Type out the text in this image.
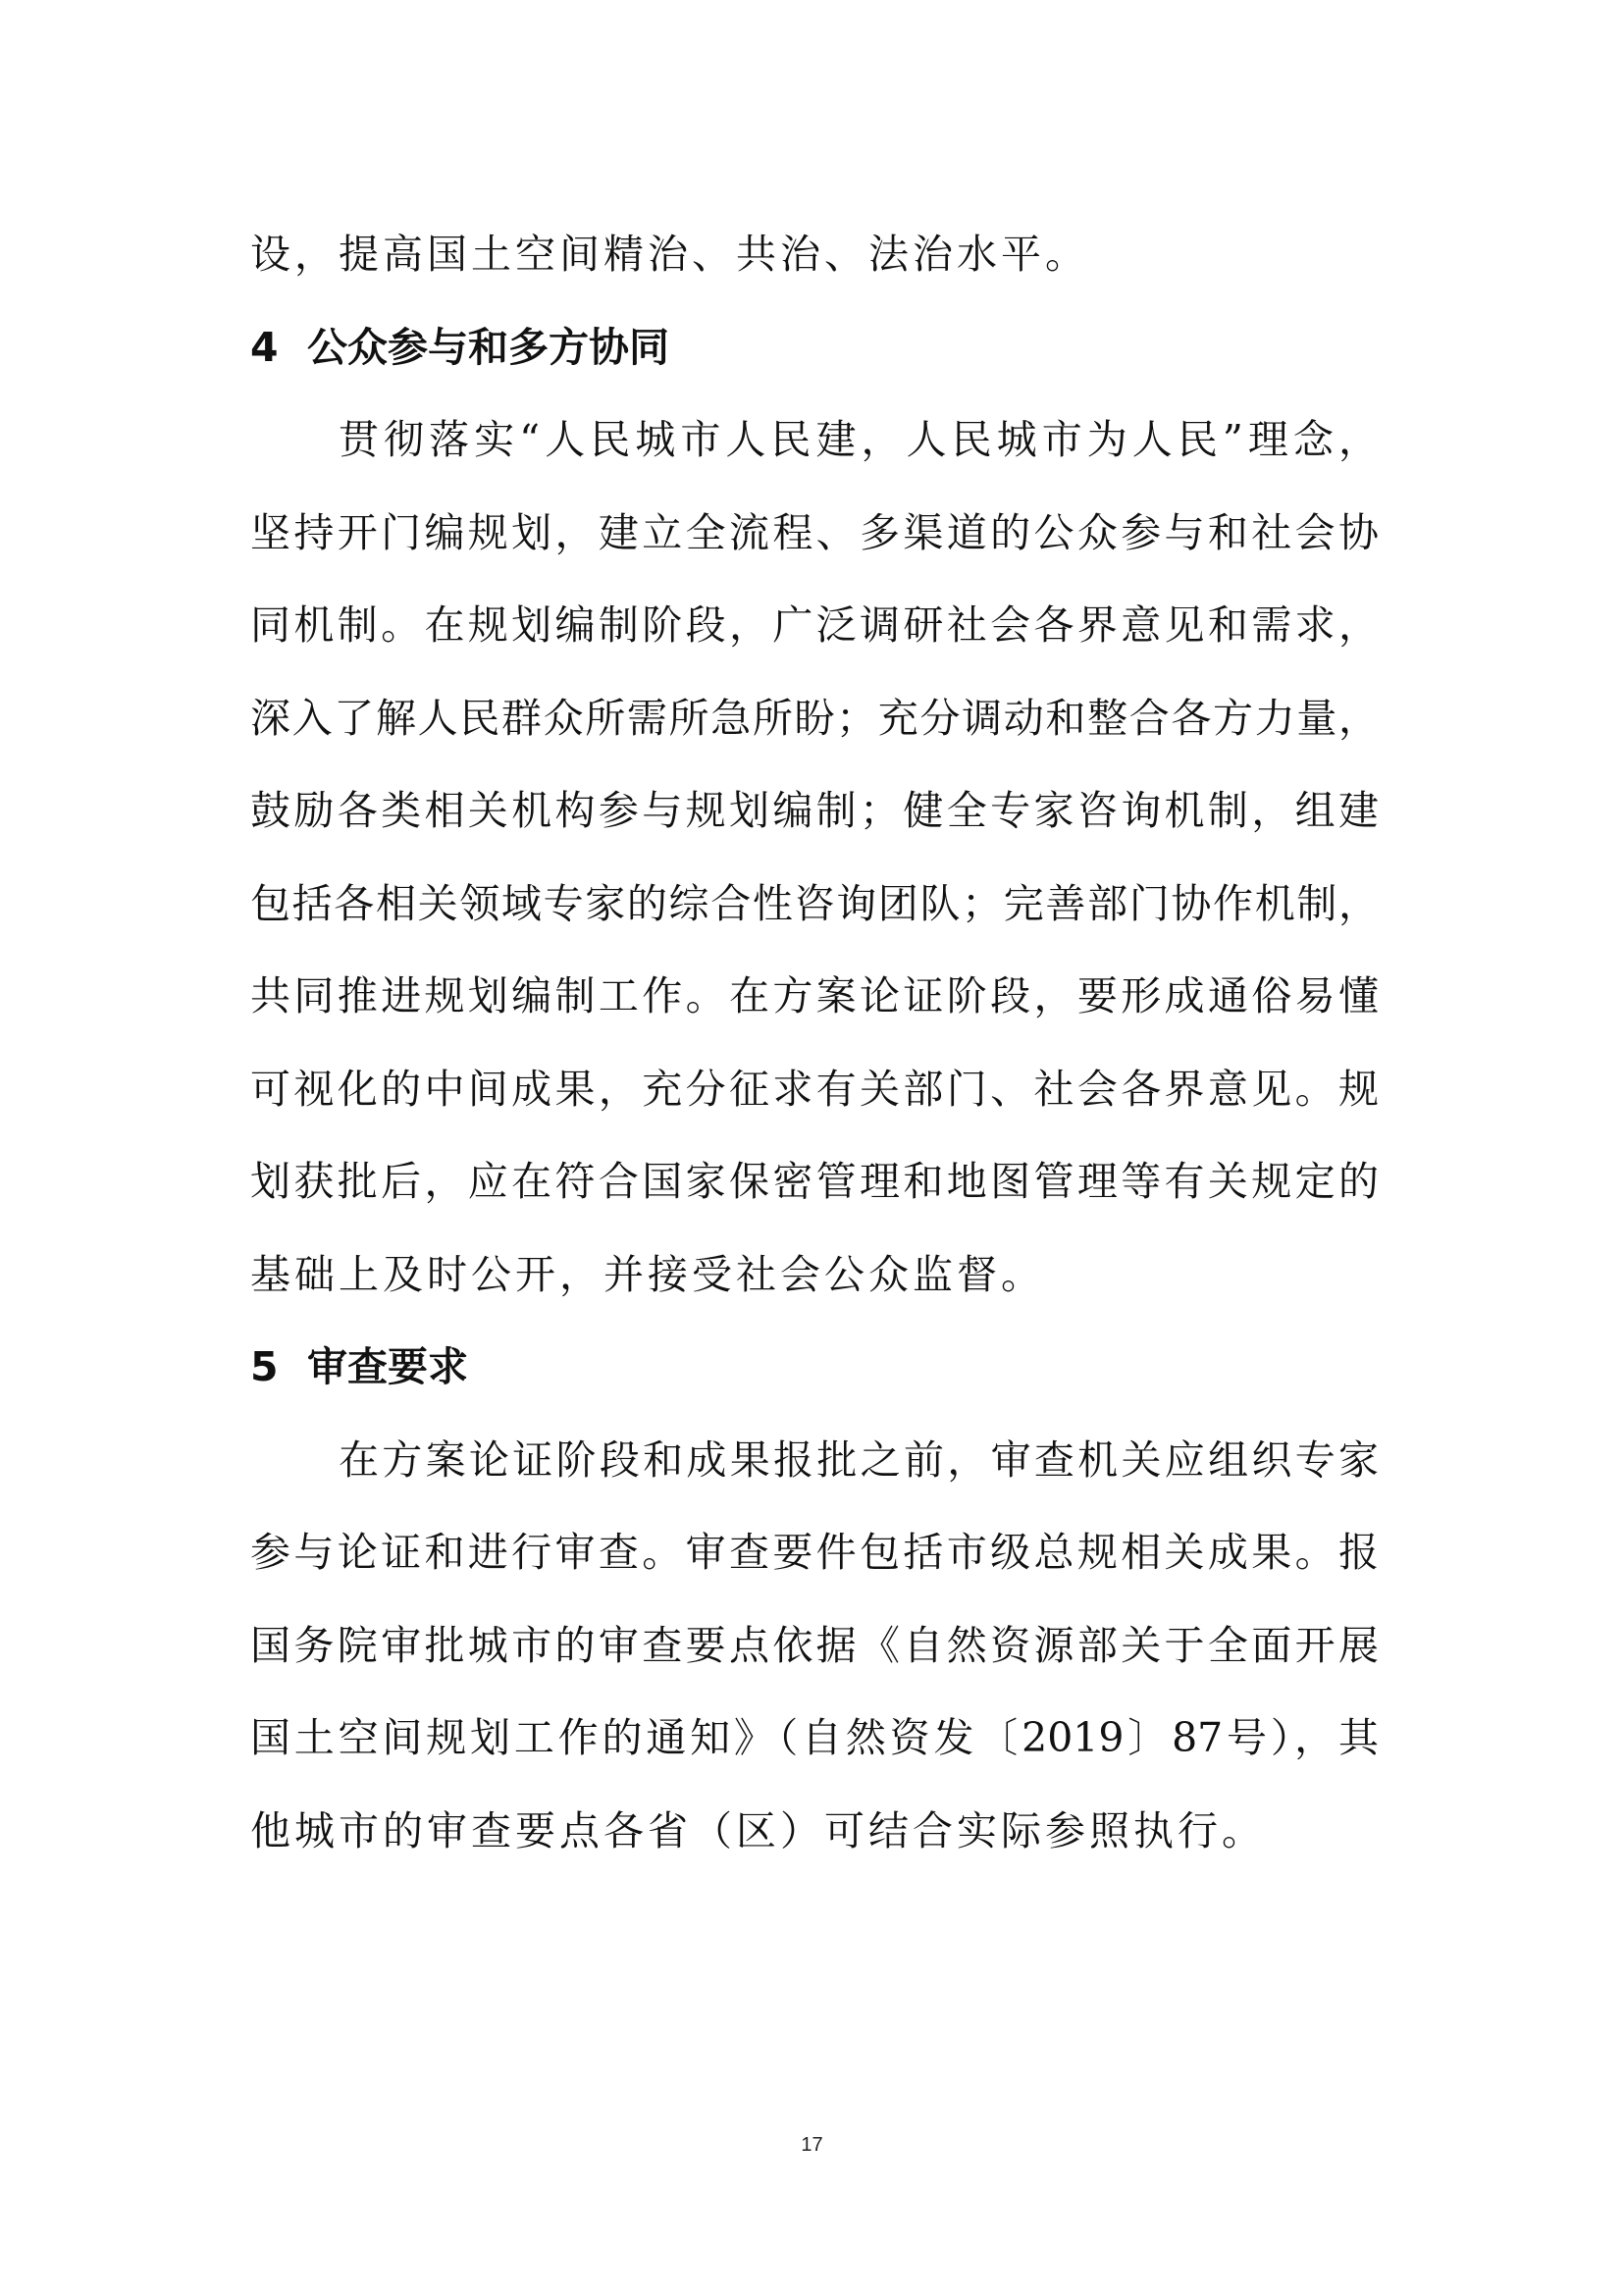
设，提高国土空间精治、共治、法治水平。
4 公众参与和多方协同
贯彻落实“人民城市人民建，人民城市为人民”理念，
坚持开门编规划，建立全流程、多渠道的公众参与和社会协
同机制。在规划编制阶段，广泛调研社会各界意见和需求，
深入了解人民群众所需所急所盼；充分调动和整合各方力量，
鼓励各类相关机构参与规划编制；健全专家咨询机制，组建
包括各相关领域专家的综合性咨询团队；完善部门协作机制，
共同推进规划编制工作。在方案论证阶段，要形成通俗易懂
可视化的中间成果，充分征求有关部门、社会各界意见。规
划获批后，应在符合国家保密管理和地图管理等有关规定的
基础上及时公开，并接受社会公众监督。
5 审查要求
在方案论证阶段和成果报批之前，审查机关应组织专家
参与论证和进行审查。审查要件包括市级总规相关成果。报
国务院审批城市的审查要点依据《自然资源部关于全面开展
国土空间规划工作的通知》（自然资发〔2019〕87号），其
他城市的审查要点各省（区）可结合实际参照执行。
17
